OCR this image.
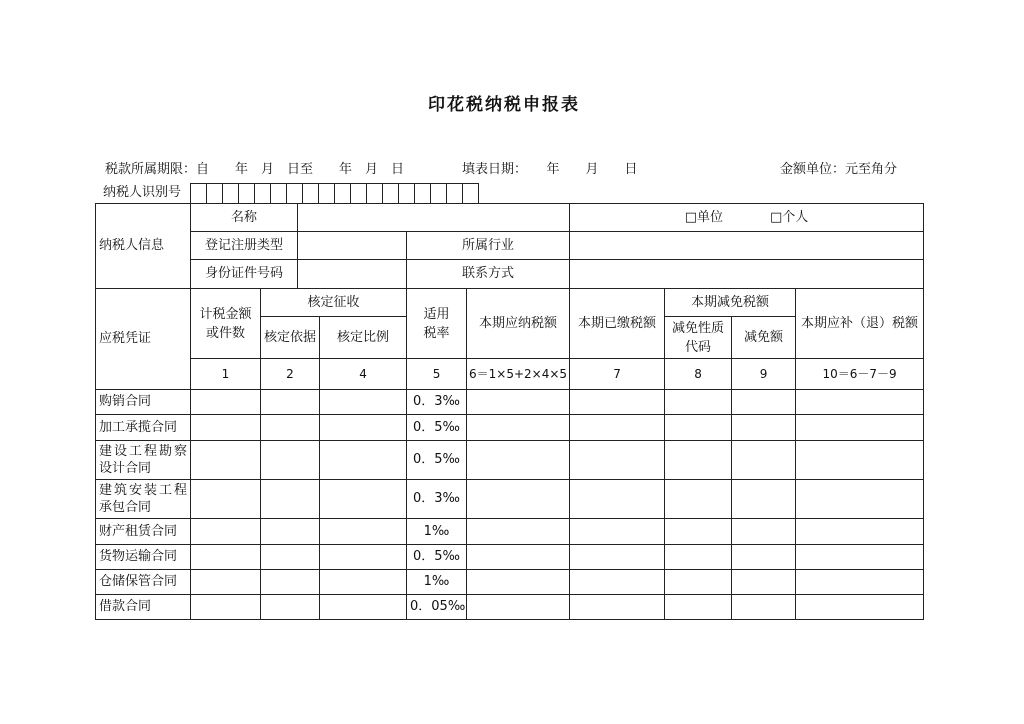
印花税纳税申报表
税款所属期限：自　　年　月　日至　　年　月　日	填表日期：　　年　　月　　日	金额单位：元至角分
纳税人识别号
纳税人信息	名称			□单位 □个人
	登记注册类型		所属行业	
	身份证件号码		联系方式	
应税凭证	计税金额或件数	核定征收		适用税率	本期应纳税额	本期已缴税额	本期减免税额		本期应补（退）税额
		核定依据	核定比例				减免性质代码	减免额	
	1	2	4	5	6＝1×5+2×4×5	7	8	9	10＝6－7－9
购销合同				0．3‰					
加工承揽合同				0．5‰					
建设工程勘察设计合同				0．5‰					
建筑安装工程承包合同				0．3‰					
财产租赁合同				1‰					
货物运输合同				0．5‰					
仓储保管合同				1‰					
借款合同				0．05‰					
